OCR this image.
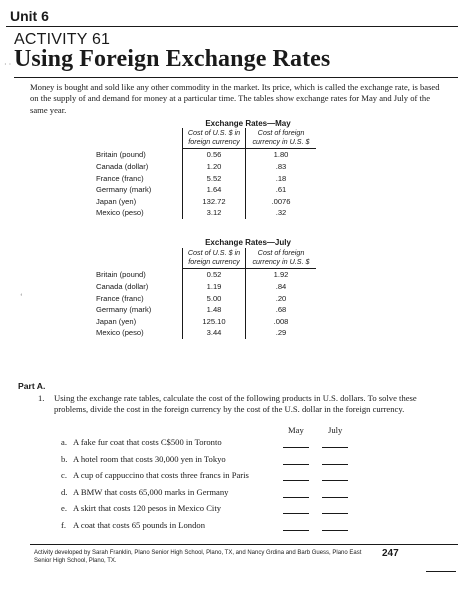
Unit 6
· ·
‘
ACTIVITY 61
Using Foreign Exchange Rates
Money is bought and sold like any other commodity in the market. Its price, which is called the exchange rate, is based on the supply of and demand for money at a particular time. The tables show exchange rates for May and July of the same year.
Exchange Rates—May
	Cost of U.S. $ in foreign currency	Cost of foreign currency in U.S. $
Britain (pound)	0.56	1.80
Canada (dollar)	1.20	.83
France (franc)	5.52	.18
Germany (mark)	1.64	.61
Japan (yen)	132.72	.0076
Mexico (peso)	3.12	.32
Exchange Rates—July
	Cost of U.S. $ in foreign currency	Cost of foreign currency in U.S. $
Britain (pound)	0.52	1.92
Canada (dollar)	1.19	.84
France (franc)	5.00	.20
Germany (mark)	1.48	.68
Japan (yen)	125.10	.008
Mexico (peso)	3.44	.29
Part A.
1. Using the exchange rate tables, calculate the cost of the following products in U.S. dollars. To solve these problems, divide the cost in the foreign currency by the cost of the U.S. dollar in the foreign currency.
May	July
a. A fake fur coat that costs C$500 in Toronto
b. A hotel room that costs 30,000 yen in Tokyo
c. A cup of cappuccino that costs three francs in Paris
d. A BMW that costs 65,000 marks in Germany
e. A skirt that costs 120 pesos in Mexico City
f. A coat that costs 65 pounds in London
Activity developed by Sarah Franklin, Plano Senior High School, Plano, TX, and Nancy Grdina and Barb Guess, Plano East Senior High School, Plano, TX.
247
